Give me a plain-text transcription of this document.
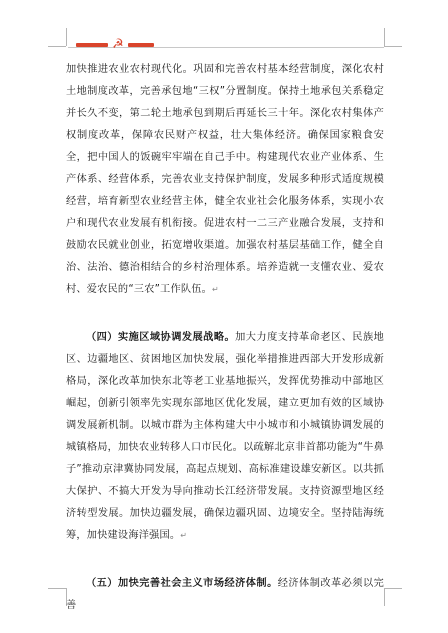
☭

加快推进农业农村现代化。巩固和完善农村基本经营制度，深化农村土地制度改革，完善承包地“三权”分置制度。保持土地承包关系稳定并长久不变，第二轮土地承包到期后再延长三十年。深化农村集体产权制度改革，保障农民财产权益，壮大集体经济。确保国家粮食安全，把中国人的饭碗牢牢端在自己手中。构建现代农业产业体系、生产体系、经营体系，完善农业支持保护制度，发展多种形式适度规模经营，培育新型农业经营主体，健全农业社会化服务体系，实现小农户和现代农业发展有机衔接。促进农村一二三产业融合发展，支持和鼓励农民就业创业，拓宽增收渠道。加强农村基层基础工作，健全自治、法治、德治相结合的乡村治理体系。培养造就一支懂农业、爱农村、爱农民的“三农”工作队伍。↵

（四）实施区域协调发展战略。加大力度支持革命老区、民族地区、边疆地区、贫困地区加快发展，强化举措推进西部大开发形成新格局，深化改革加快东北等老工业基地振兴，发挥优势推动中部地区崛起，创新引领率先实现东部地区优化发展，建立更加有效的区域协调发展新机制。以城市群为主体构建大中小城市和小城镇协调发展的城镇格局，加快农业转移人口市民化。以疏解北京非首都功能为“牛鼻子”推动京津冀协同发展，高起点规划、高标准建设雄安新区。以共抓大保护、不搞大开发为导向推动长江经济带发展。支持资源型地区经济转型发展。加快边疆发展，确保边疆巩固、边境安全。坚持陆海统筹，加快建设海洋强国。↵

（五）加快完善社会主义市场经济体制。经济体制改革必须以完善
